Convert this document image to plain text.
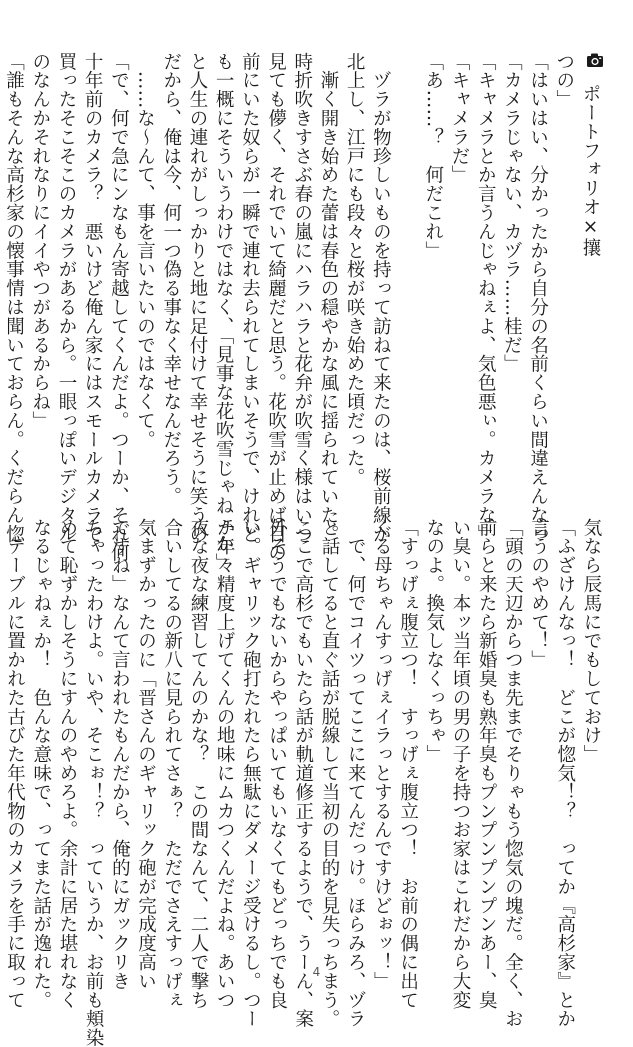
ポートフォリオ×攘
つの」
「はいはい、分かったから自分の名前くらい間違えんなっ
「カメラじゃない、カヅラ……桂だ」
「キャメラとか言うんじゃねぇよ、気色悪ぃ。カメラな」
「キャメラだ」
「あ……？　何だこれ」
　ヅラが物珍しいものを持って訪ねて来たのは、桜前線が
北上し、江戸にも段々と桜が咲き始めた頃だった。
　漸く開き始めた蕾は春色の穏やかな風に揺られていた。
時折吹きすさぶ春の嵐にハラハラと花弁が吹雪く様はいつ
見ても儚く、それでいて綺麗だと思う。花吹雪が止めば目の
前にいた奴らが一瞬で連れ去られてしまいそうで、けれど
も一概にそういうわけではなく、「見事な花吹雪じゃねェか」
と人生の連れがしっかりと地に足付けて幸せそうに笑うの
だから、俺は今、何一つ偽る事なく幸せなんだろう。
　……な～んて、事を言いたいのではなくて。
「で、何で急にンなもん寄越してくんだよ。つーか、それ何
十年前のカメラ？　悪いけど俺ん家にはスモールカメラで
買ったそこそこのカメラがあるから。一眼っぽいデジタル
のなんかそれなりにイイやつがあるからね」
「誰もそんな高杉家の懐事情は聞いておらん。くだらん惚
気なら辰馬にでもしておけ」
「ふざけんなっ！　どこが惚気！？　ってか『高杉家』とか
言うのやめて！」
「頭の天辺からつま先までそりゃもう惚気の塊だ。全く、お
前らと来たら新婚臭も熟年臭もプンプンプンプンあー、臭
い臭い。本ッ当年頃の男の子を持つお家はこれだから大変
なのよ。換気しなくっちゃ」
「すっげぇ腹立つ！　すっげぇ腹立つ！　お前の偶に出て
くる母ちゃんすっげぇイラっとするんですけどぉッ！」
　で、何でコイツってここに来てんだっけ。ほらみろ、ヅラ
と話してると直ぐ話が脱線して当初の目的を見失っちまう。
ここで高杉でもいたら話が軌道修正するようで、うーん、案
外そうでもないからやっぱいてもいなくてもどっちでも良
い。ギャリック砲打たれたら無駄にダメージ受けるし。つー
か年々精度上げてくんの地味にムカつくんだよね。あいつ
夜な夜な練習してんのかな？　この間なんて、二人で撃ち
合いしてるの新八に見られてさぁ？　ただでさえすっげぇ
気まずかったのに「晋さんのギャリック砲が完成度高い
ですね」なんて言われたもんだから、俺的にガックリき
ちゃったわけよ。いや、そこぉ！？　っていうか、お前も頬染
めて恥ずかしそうにすんのやめろよ。余計に居た堪れなく
なるじゃねぇか！　色んな意味で、ってまた話が逸れた。
　テーブルに置かれた古びた年代物のカメラを手に取って	4
